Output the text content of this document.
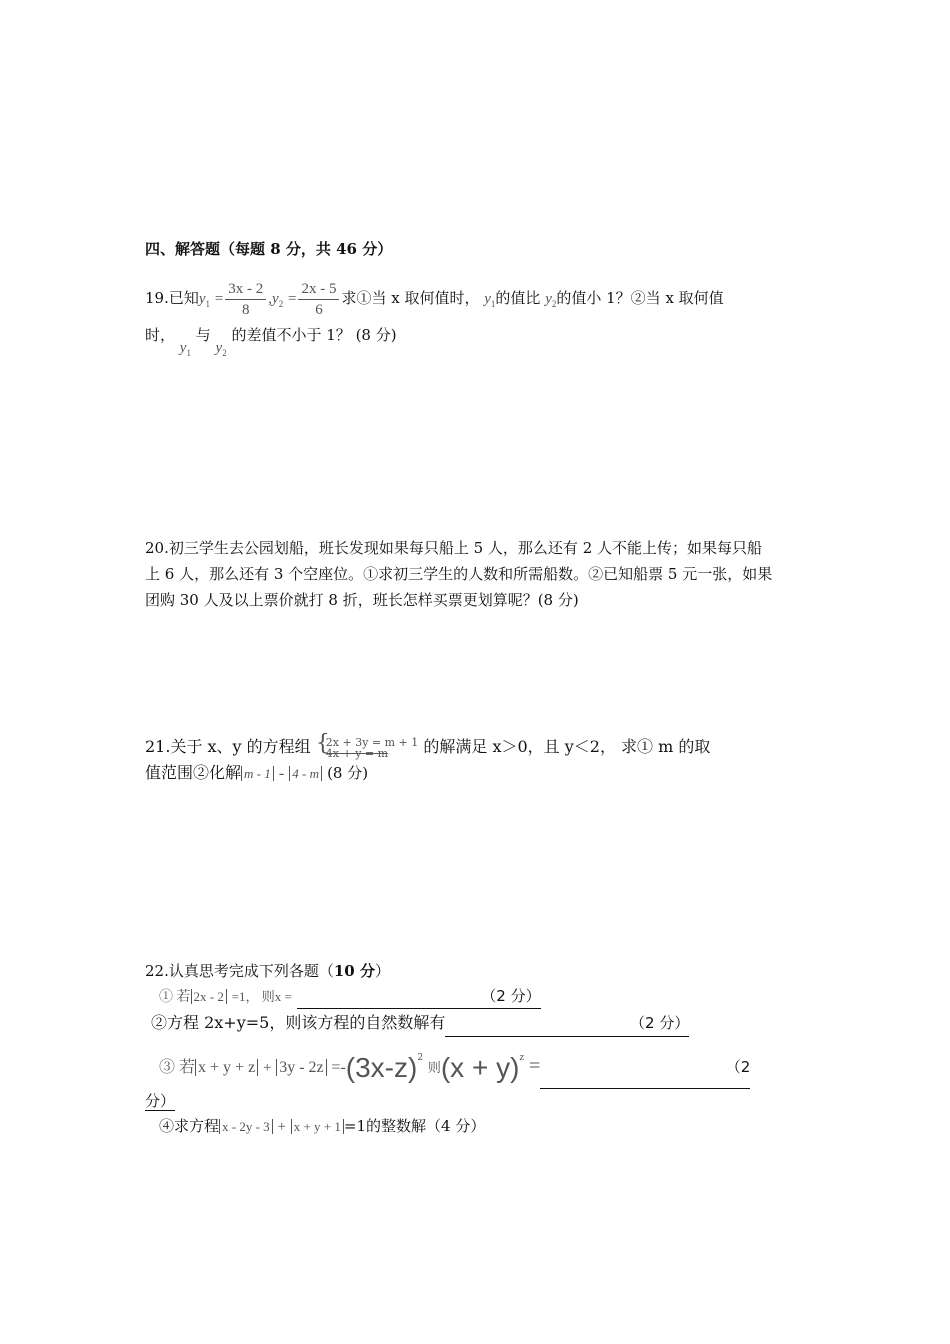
四、解答题（每题 8 分，共 46 分）
19.已知$y_1 = \frac{3x - 2}{8} ,y_2 = \frac{2x - 5}{6}$ 求①当 x 取何值时， $y_1$的值比 $y_2$的值小 1？②当 x 取何值
时， $y_1$ 与 $y_2$ 的差值不小于 1？ (8 分)
20.初三学生去公园划船，班长发现如果每只船上 5 人，那么还有 2 人不能上传；如果每只船
上 6 人，那么还有 3 个空座位。①求初三学生的人数和所需船数。②已知船票 5 元一张，如果
团购 30 人及以上票价就打 8 折，班长怎样买票更划算呢？(8 分)
21.关于 x、y 的方程组 {
2x + 3y = m + 1
4x + y = m	的解满足 x＞0，且 y＜2， 求① m 的取
值范围②化解 m - 1 - 4 - m (8 分)
22.认真思考完成下列各题（10 分）
① 若 2x - 2 =1， 则x =	（2 分）
②方程 2x+y=5，则该方程的自然数解有	（2 分）
③ 若 $x + y + z + 3y - 2z =-(3x-z)^2$ 则$(x + y)^z$ =	（2
分）
④求方程 x - 2y - 3 + x + y + 1 =1的整数解（4 分）
